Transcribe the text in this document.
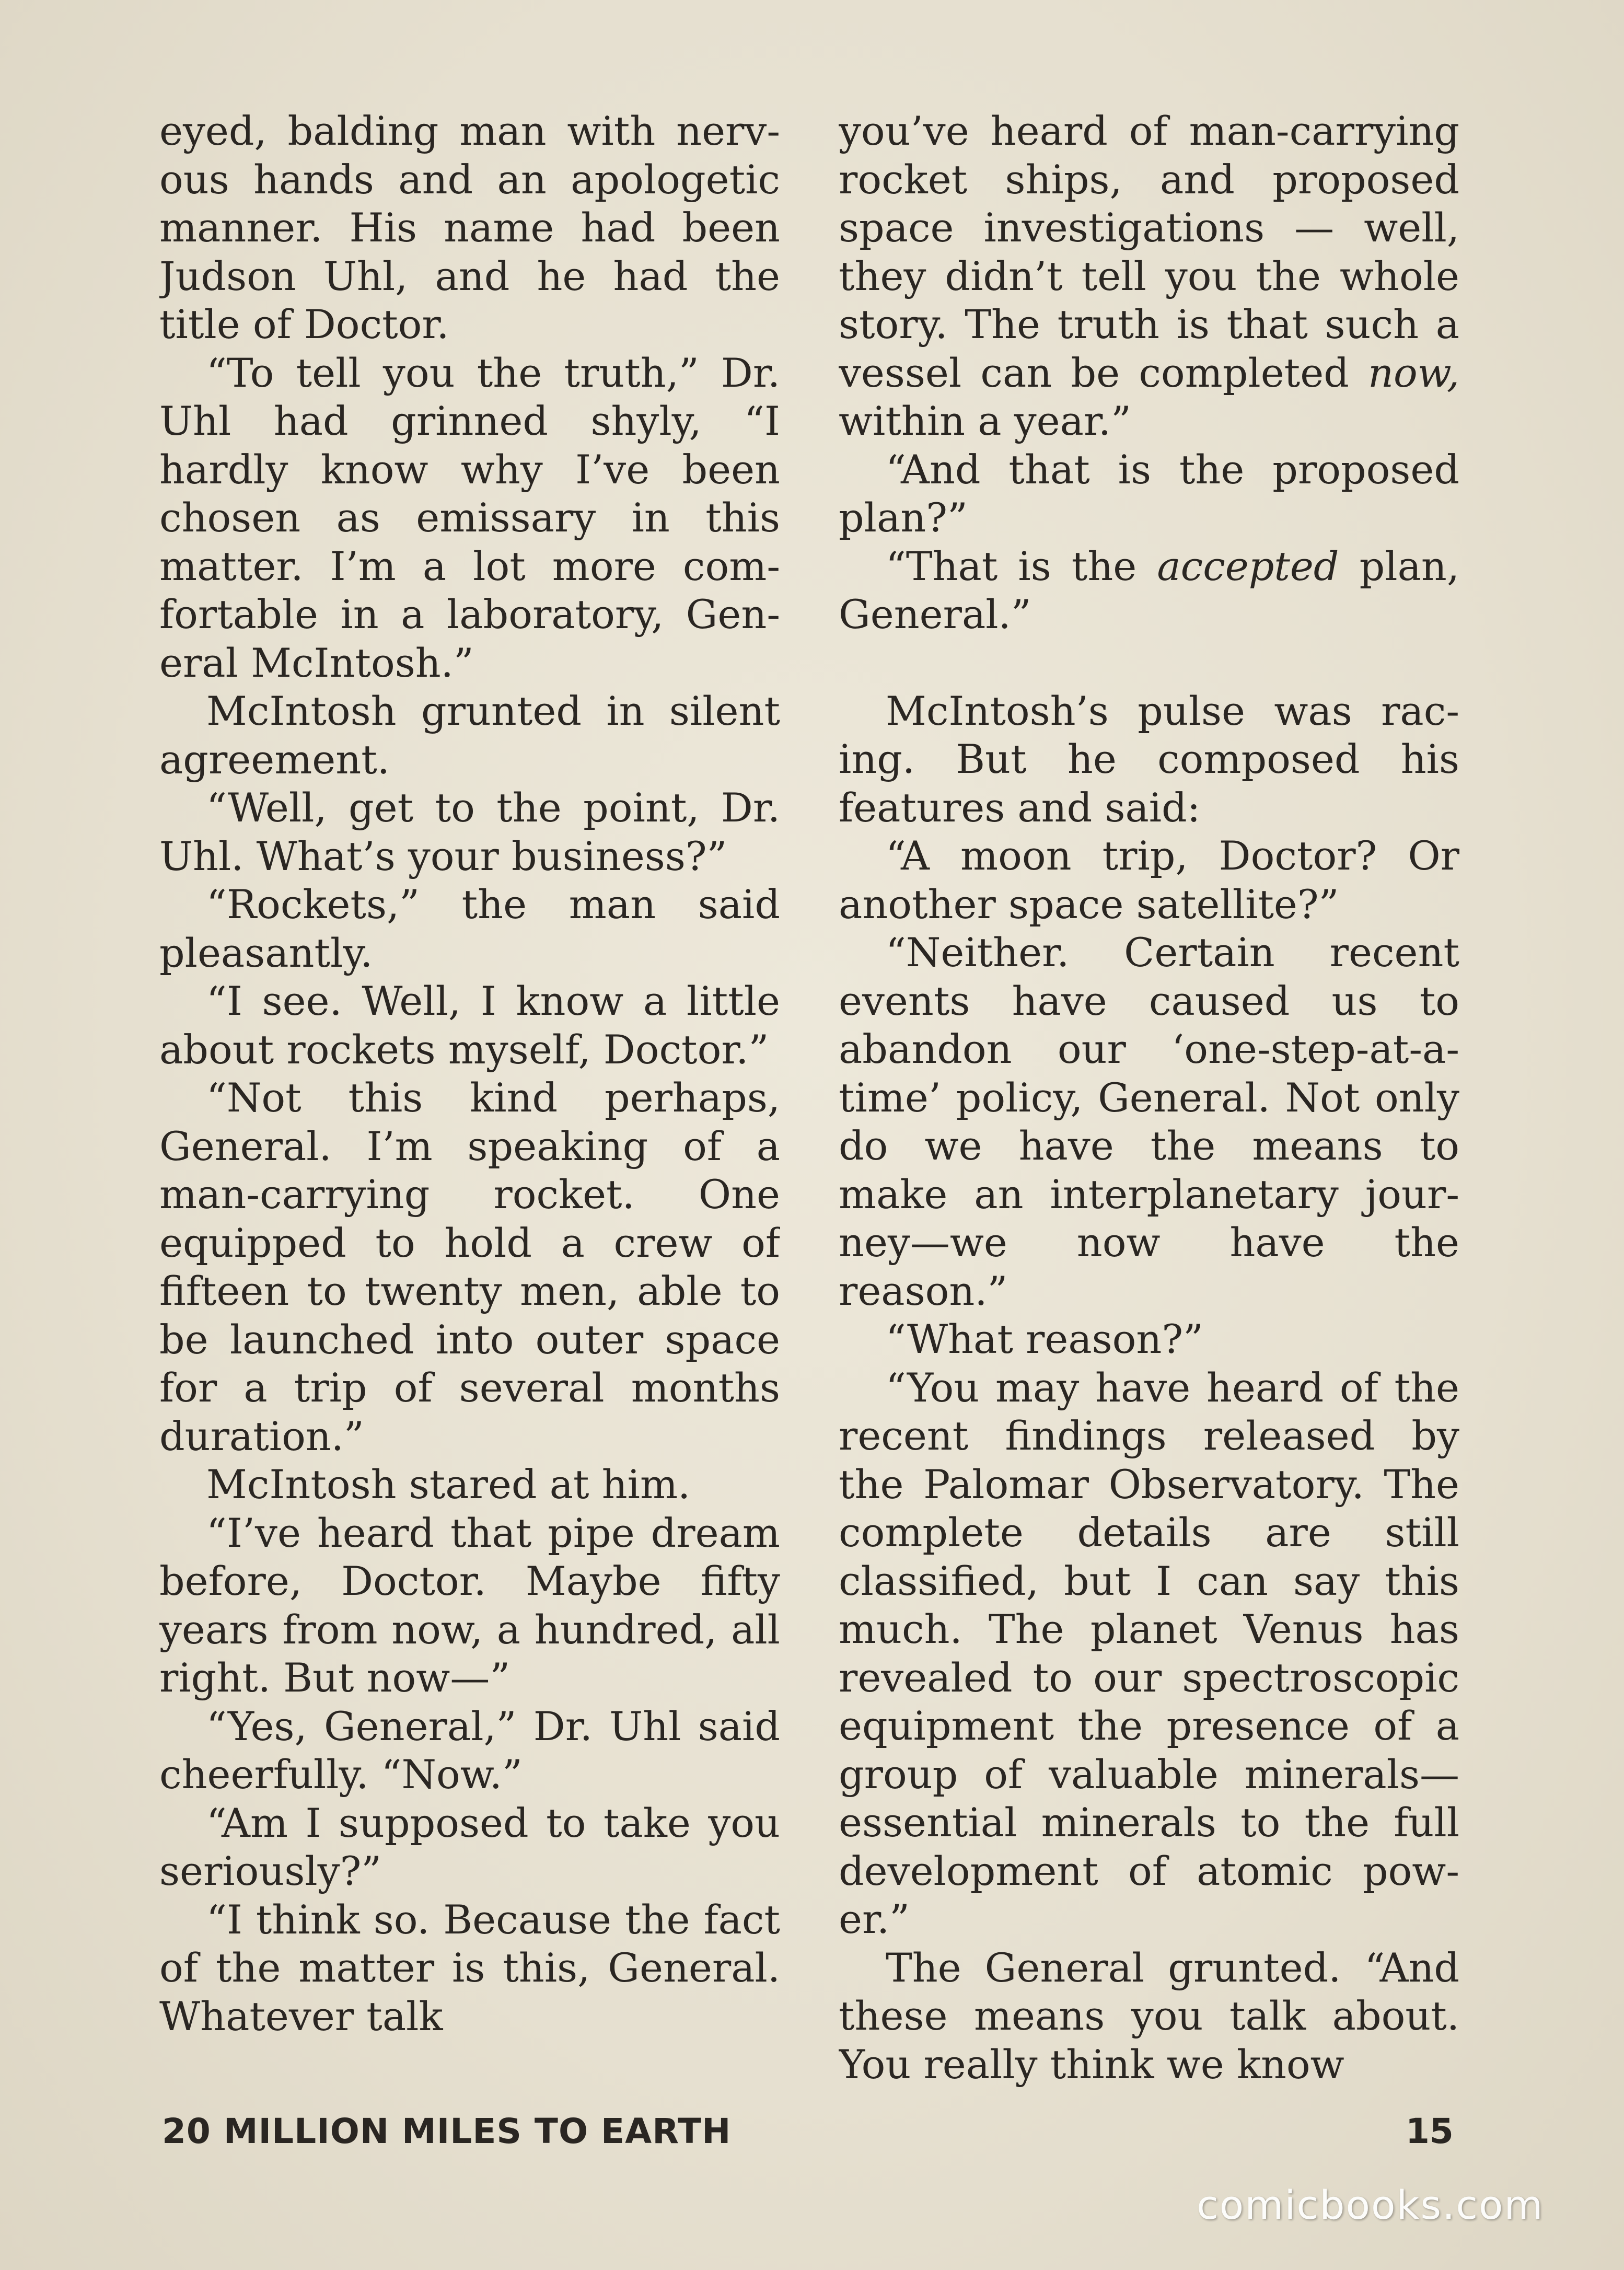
eyed, balding man with nervous hands and an apologetic manner. His name had been Judson Uhl, and he had the title of Doctor.

“To tell you the truth,” Dr. Uhl had grinned shyly, “I hardly know why I’ve been chosen as emissary in this matter. I’m a lot more comfortable in a laboratory, General McIntosh.”

McIntosh grunted in silent agreement.

“Well, get to the point, Dr. Uhl. What’s your business?”

“Rockets,” the man said pleasantly.

“I see. Well, I know a little about rockets myself, Doctor.”

“Not this kind perhaps, General. I’m speaking of a man-carrying rocket. One equipped to hold a crew of fifteen to twenty men, able to be launched into outer space for a trip of several months duration.”

McIntosh stared at him.

“I’ve heard that pipe dream before, Doctor. Maybe fifty years from now, a hundred, all right. But now—”

“Yes, General,” Dr. Uhl said cheerfully. “Now.”

“Am I supposed to take you seriously?”

“I think so. Because the fact of the matter is this, General. Whatever talk

you’ve heard of man-carrying rocket ships, and proposed space investigations — well, they didn’t tell you the whole story. The truth is that such a vessel can be completed now, within a year.”

“And that is the proposed plan?”

“That is the accepted plan, General.”

McIntosh’s pulse was racing. But he composed his features and said:

“A moon trip, Doctor? Or another space satellite?”

“Neither. Certain recent events have caused us to abandon our ‘one-step-at-a-time’ policy, General. Not only do we have the means to make an interplanetary journey—we now have the reason.”

“What reason?”

“You may have heard of the recent findings released by the Palomar Observatory. The complete details are still classified, but I can say this much. The planet Venus has revealed to our spectroscopic equipment the presence of a group of valuable minerals—essential minerals to the full development of atomic power.”

The General grunted. “And these means you talk about. You really think we know

20 MILLION MILES TO EARTH	15
comicbooks.com
